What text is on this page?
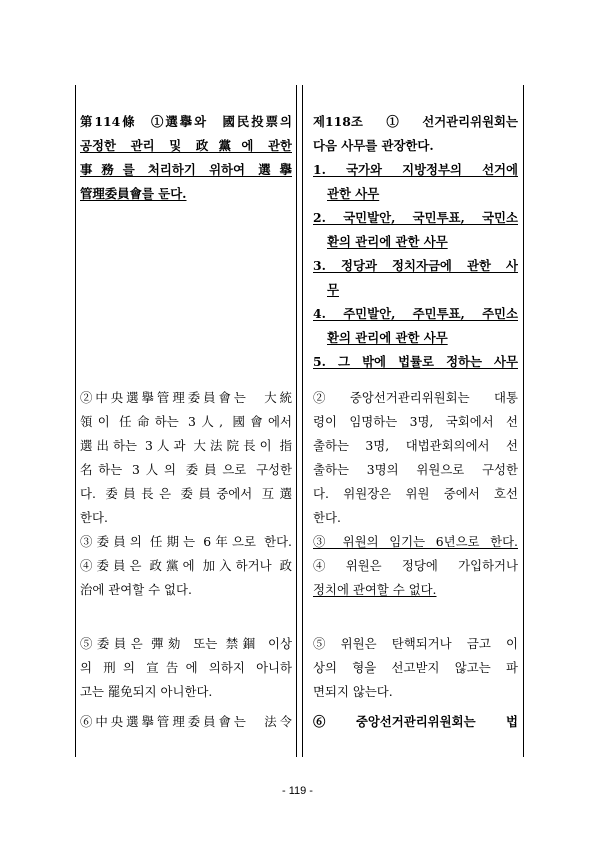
第114條　①選擧와　國民投票의
공정한 관리 및 政黨에 관한
事務를 처리하기 위하여 選擧
管理委員會를 둔다.
②中央選擧管理委員會는　大統
領이 任命하는 3人, 國會에서
選出하는 3人과 大法院長이 指
名하는 3人의 委員으로 구성한
다. 委員長은 委員중에서 互選
한다.
③委員의 任期는 6年으로 한다.
④委員은 政黨에 加入하거나 政
治에 관여할 수 없다.
⑤委員은 彈劾 또는 禁錮 이상
의 刑의 宣告에 의하지 아니하
고는 罷免되지 아니한다.
⑥中央選擧管理委員會는　法令
제118조　①　선거관리위원회는
다음 사무를 관장한다.
1. 국가와 지방정부의 선거에
관한 사무
2. 국민발안, 국민투표, 국민소
환의 관리에 관한 사무
3. 정당과 정치자금에 관한 사
무
4. 주민발안, 주민투표, 주민소
환의 관리에 관한 사무
5. 그 밖에 법률로 정하는 사무
②　중앙선거관리위원회는　대통
령이 임명하는 3명, 국회에서 선
출하는 3명, 대법관회의에서 선
출하는 3명의 위원으로 구성한
다. 위원장은 위원 중에서 호선
한다.
③ 위원의 임기는 6년으로 한다.
④　위원은　정당에　가입하거나
정치에 관여할 수 없다.
⑤　위원은　탄핵되거나　금고　이
상의 형을 선고받지 않고는 파
면되지 않는다.
⑥　중앙선거관리위원회는　법
- 119 -
